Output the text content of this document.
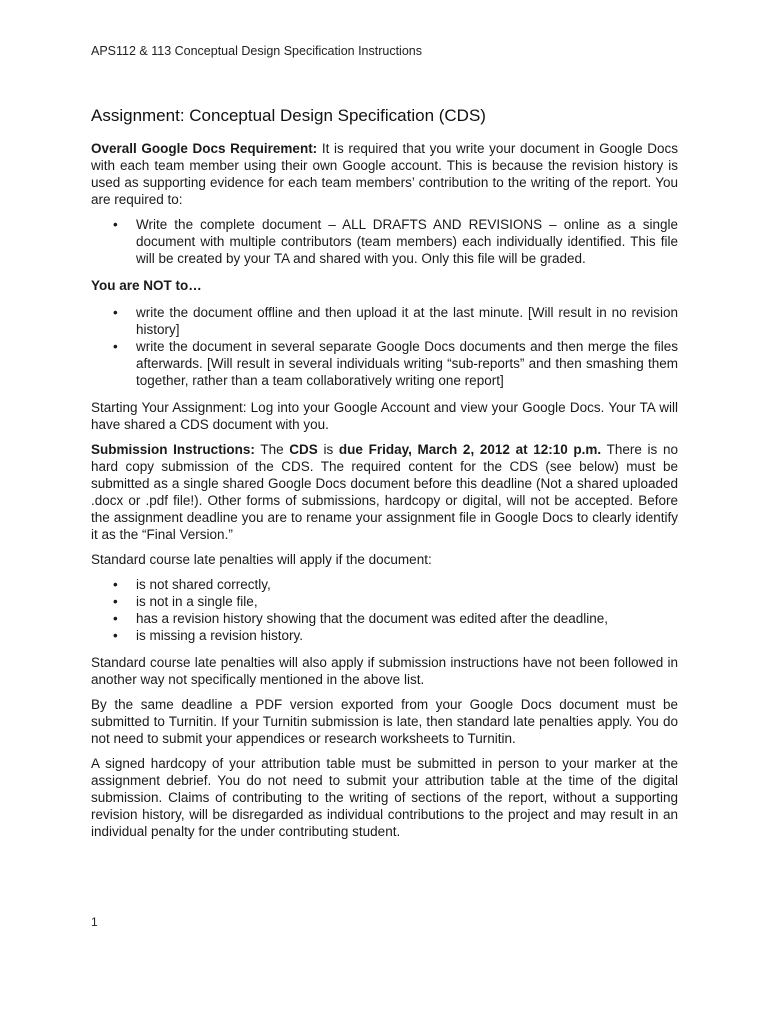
APS112 & 113 Conceptual Design Specification Instructions
Assignment: Conceptual Design Specification (CDS)

Overall Google Docs Requirement: It is required that you write your document in Google Docs with each team member using their own Google account. This is because the revision history is used as supporting evidence for each team members’ contribution to the writing of the report. You are required to:

• Write the complete document – ALL DRAFTS AND REVISIONS – online as a single document with multiple contributors (team members) each individually identified. This file will be created by your TA and shared with you. Only this file will be graded.

You are NOT to…

• write the document offline and then upload it at the last minute. [Will result in no revision history]
• write the document in several separate Google Docs documents and then merge the files afterwards. [Will result in several individuals writing “sub-reports” and then smashing them together, rather than a team collaboratively writing one report]

Starting Your Assignment: Log into your Google Account and view your Google Docs. Your TA will have shared a CDS document with you.

Submission Instructions: The CDS is due Friday, March 2, 2012 at 12:10 p.m. There is no hard copy submission of the CDS. The required content for the CDS (see below) must be submitted as a single shared Google Docs document before this deadline (Not a shared uploaded .docx or .pdf file!). Other forms of submissions, hardcopy or digital, will not be accepted. Before the assignment deadline you are to rename your assignment file in Google Docs to clearly identify it as the “Final Version.”

Standard course late penalties will apply if the document:

• is not shared correctly,
• is not in a single file,
• has a revision history showing that the document was edited after the deadline,
• is missing a revision history.

Standard course late penalties will also apply if submission instructions have not been followed in another way not specifically mentioned in the above list.

By the same deadline a PDF version exported from your Google Docs document must be submitted to Turnitin. If your Turnitin submission is late, then standard late penalties apply. You do not need to submit your appendices or research worksheets to Turnitin.

A signed hardcopy of your attribution table must be submitted in person to your marker at the assignment debrief. You do not need to submit your attribution table at the time of the digital submission. Claims of contributing to the writing of sections of the report, without a supporting revision history, will be disregarded as individual contributions to the project and may result in an individual penalty for the under contributing student.

1
